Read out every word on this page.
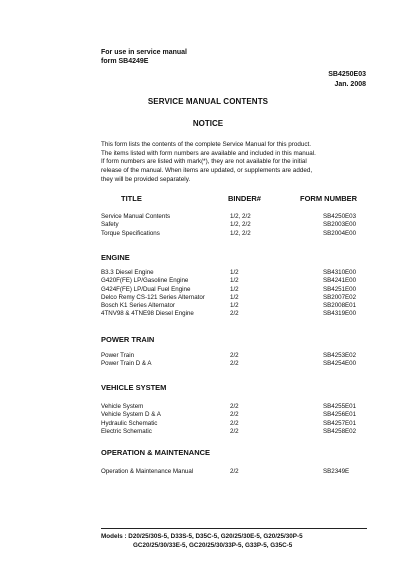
For use in service manual
form SB4249E
SB4250E03
Jan. 2008
SERVICE MANUAL CONTENTS
NOTICE
This form lists the contents of the complete Service Manual for this product.
The items listed with form numbers are available and included in this manual.
If form numbers are listed with mark(*), they are not available for the initial
release of the manual. When items are updated, or supplements are added,
they will be provided separately.
TITLE	BINDER#	FORM NUMBER
Service Manual Contents	1/2, 2/2	SB4250E03
Safety	1/2, 2/2	SB2003E00
Torque Specifications	1/2, 2/2	SB2004E00
ENGINE
B3.3 Diesel Engine	1/2	SB4310E00
G420F(FE) LP/Gasoline Engine	1/2	SB4241E00
G424F(FE) LP/Dual Fuel Engine	1/2	SB4251E00
Delco Remy CS-121 Series Alternator	1/2	SB2007E02
Bosch K1 Series Alternator	1/2	SB2008E01
4TNV98 & 4TNE98 Diesel Engine	2/2	SB4319E00
POWER TRAIN
Power Train	2/2	SB4253E02
Power Train D & A	2/2	SB4254E00
VEHICLE SYSTEM
Vehicle System	2/2	SB4255E01
Vehicle System D & A	2/2	SB4256E01
Hydraulic Schematic	2/2	SB4257E01
Electric Schematic	2/2	SB4258E02
OPERATION & MAINTENANCE
Operation & Maintenance Manual	2/2	SB2349E
Models : D20/25/30S-5, D33S-5, D35C-5, G20/25/30E-5, G20/25/30P-5
GC20/25/30/33E-5, GC20/25/30/33P-5, G33P-5, G35C-5
